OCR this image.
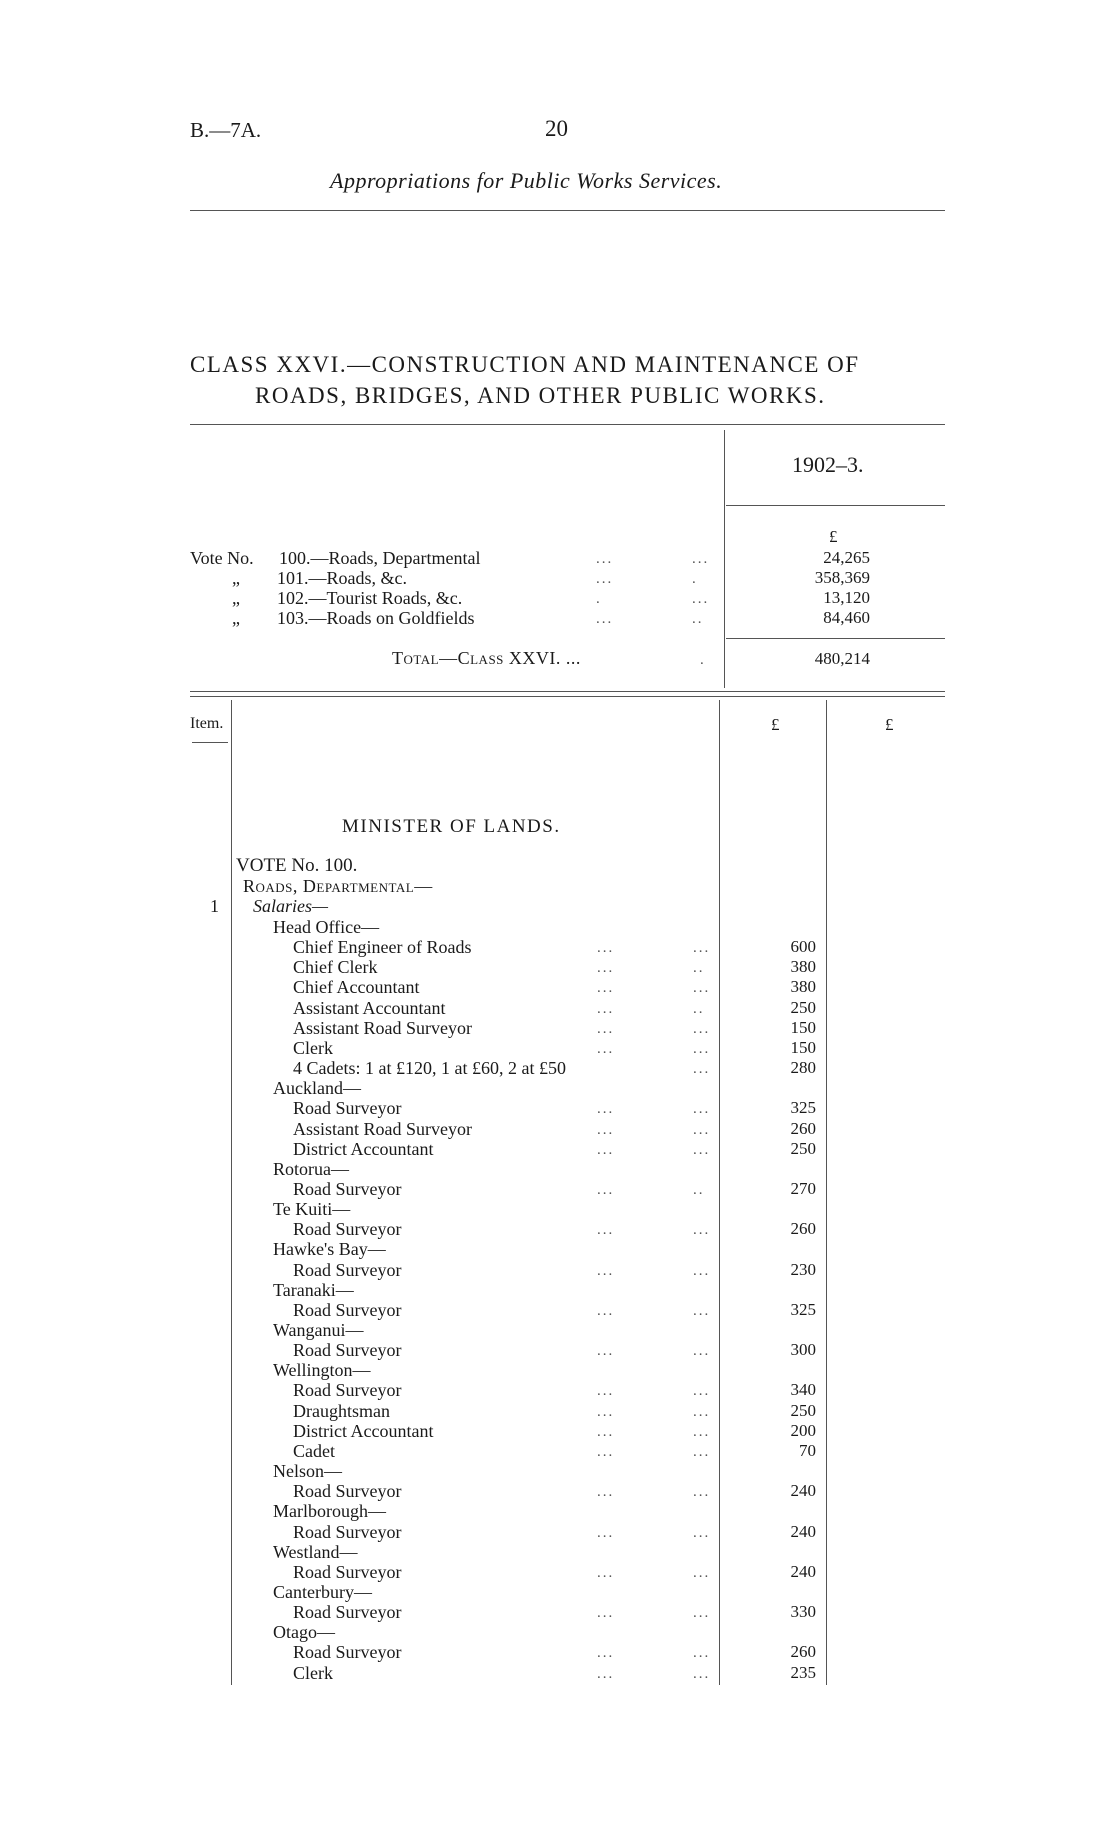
B.—7A.	20
Appropriations for Public Works Services.
CLASS XXVI.—CONSTRUCTION AND MAINTENANCE OF
ROADS, BRIDGES, AND OTHER PUBLIC WORKS.
1902–3.
£
Vote No. 100.—Roads, Departmental	...	...	24,265
„ 101.—Roads, &c.	...	.	358,369
„ 102.—Tourist Roads, &c.	.	...	13,120
„ 103.—Roads on Goldfields	...	..	84,460
Total—Class XXVI. ...	.	480,214
Item.	£	£
MINISTER OF LANDS.
VOTE No. 100.
Roads, Departmental—
1 Salaries—
Head Office—
Chief Engineer of Roads	...	...	600
Chief Clerk	...	..	380
Chief Accountant	...	...	380
Assistant Accountant	...	..	250
Assistant Road Surveyor	...	...	150
Clerk	...	...	150
4 Cadets: 1 at £120, 1 at £60, 2 at £50	...	280
Auckland—
Road Surveyor	...	...	325
Assistant Road Surveyor	...	...	260
District Accountant	...	...	250
Rotorua—
Road Surveyor	...	..	270
Te Kuiti—
Road Surveyor	...	...	260
Hawke's Bay—
Road Surveyor	...	...	230
Taranaki—
Road Surveyor	...	...	325
Wanganui—
Road Surveyor	...	...	300
Wellington—
Road Surveyor	...	...	340
Draughtsman	...	...	250
District Accountant	...	...	200
Cadet	...	...	70
Nelson—
Road Surveyor	...	...	240
Marlborough—
Road Surveyor	...	...	240
Westland—
Road Surveyor	...	...	240
Canterbury—
Road Surveyor	...	...	330
Otago—
Road Surveyor	...	...	260
Clerk	...	...	235
